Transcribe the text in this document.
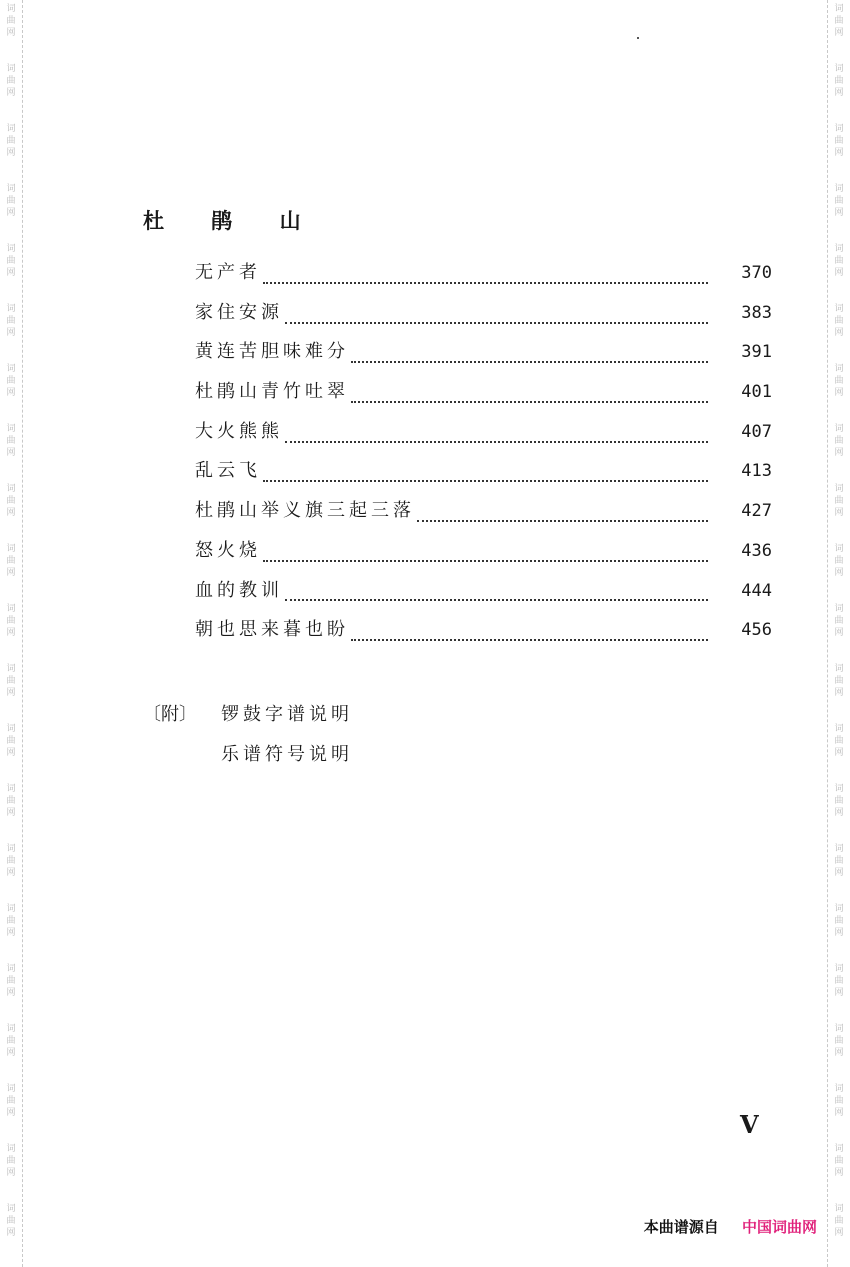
词
曲
网
词
曲
网
词
曲
网
词
曲
网
词
曲
网
词
曲
网
词
曲
网
词
曲
网
词
曲
网
词
曲
网
词
曲
网
词
曲
网
词
曲
网
词
曲
网
词
曲
网
词
曲
网
词
曲
网
词
曲
网
词
曲
网
词
曲
网
词
曲
网
词
曲
网
词
曲
网
词
曲
网
词
曲
网
词
曲
网
词
曲
网
词
曲
网
词
曲
网
词
曲
网
词
曲
网
词
曲
网
词
曲
网
词
曲
网
词
曲
网
词
曲
网
词
曲
网
词
曲
网
词
曲
网
词
曲
网
词
曲
网
词
曲
网
杜 鹃 山
无产者	370
家住安源	383
黄连苦胆味难分	391
杜鹃山青竹吐翠	401
大火熊熊	407
乱云飞	413
杜鹃山举义旗三起三落	427
怒火烧	436
血的教训	444
朝也思来暮也盼	456
〔附〕	锣鼓字谱说明
乐谱符号说明
V
本曲谱源自 中国词曲网
